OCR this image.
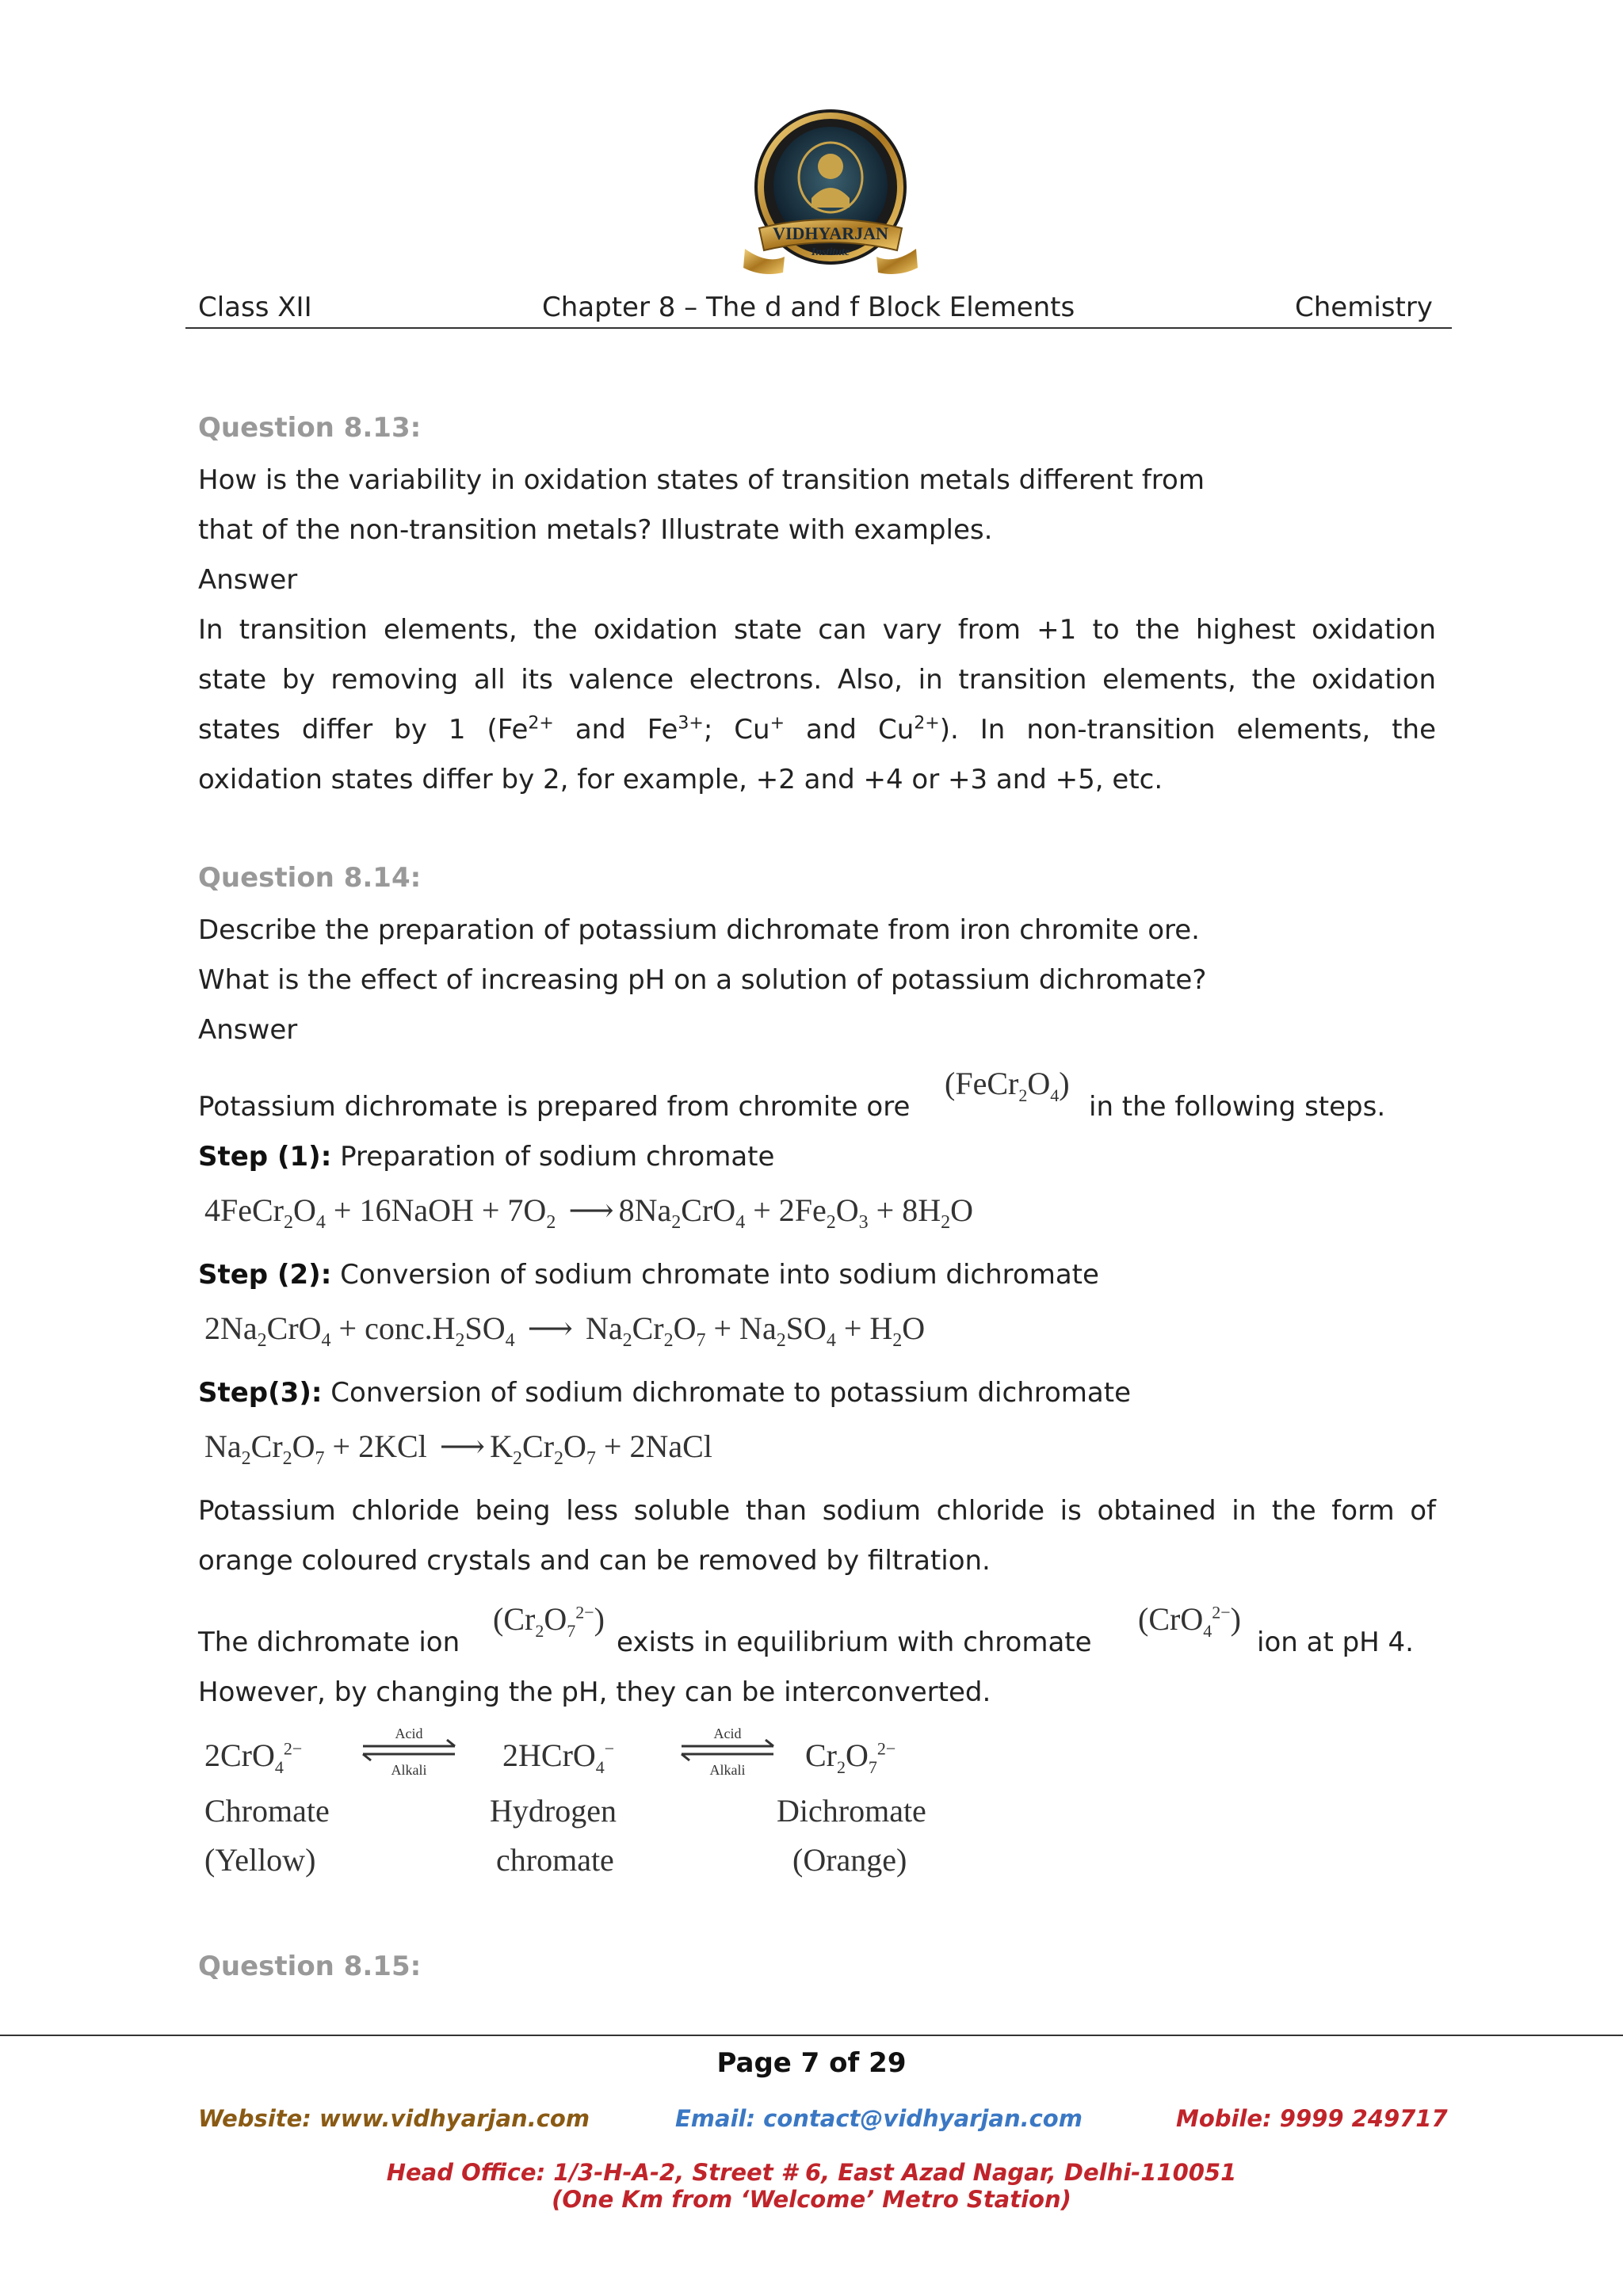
VIDHYARJAN
Institute
Class XII	Chapter 8 – The d and f Block Elements	Chemistry
Question 8.13:
How is the variability in oxidation states of transition metals different from
that of the non-transition metals? Illustrate with examples.
Answer
In transition elements, the oxidation state can vary from +1 to the highest oxidation
state by removing all its valence electrons. Also, in transition elements, the oxidation
states differ by 1 ($Fe^{2+}$ and $Fe^{3+}$; Cu+ and $Cu^{2+}$). In non-transition elements, the
oxidation states differ by 2, for example, +2 and +4 or +3 and +5, etc.
Question 8.14:
Describe the preparation of potassium dichromate from iron chromite ore.
What is the effect of increasing pH on a solution of potassium dichromate?
Answer
Potassium dichromate is prepared from chromite ore
$(FeCr_2O_4)$
in the following steps.
Step (1): Preparation of sodium chromate
$4FeCr_2O_4$ + 16NaOH + $7O_2$ ⟶ $8Na_2CrO_4 + 2Fe_2O_3 + 8H_2O$
Step (2): Conversion of sodium chromate into sodium dichromate
$2Na_2CrO_4$ + $conc.H_2SO_4$ ⟶ $Na_2Cr_2O_7 + Na_2SO_4 + H_2O$
Step(3): Conversion of sodium dichromate to potassium dichromate
$Na_2Cr_2O_7 + 2KCl$ ⟶ $K_2Cr_2O_7$ + 2NaCl
Potassium chloride being less soluble than sodium chloride is obtained in the form of
orange coloured crystals and can be removed by filtration.
The dichromate ion
$(Cr_2O_7^{2-})$
exists in equilibrium with chromate
(CrO$_4^{2-}$)
ion at pH 4.
However, by changing the pH, they can be interconverted.
2CrO$_4^{2-}$
Acid
Alkali 2HCrO$_4$−
Acid
Alkali $Cr_2O_7^{2-}$
Chromate	Hydrogen	Dichromate
(Yellow)	chromate	(Orange)
Question 8.15:
Page 7 of 29
Website: www.vidhyarjan.com	Email: contact@vidhyarjan.com	Mobile: 9999 249717
Head Office: 1/3-H-A-2, Street # 6, East Azad Nagar, Delhi-110051
(One Km from ‘Welcome’ Metro Station)
